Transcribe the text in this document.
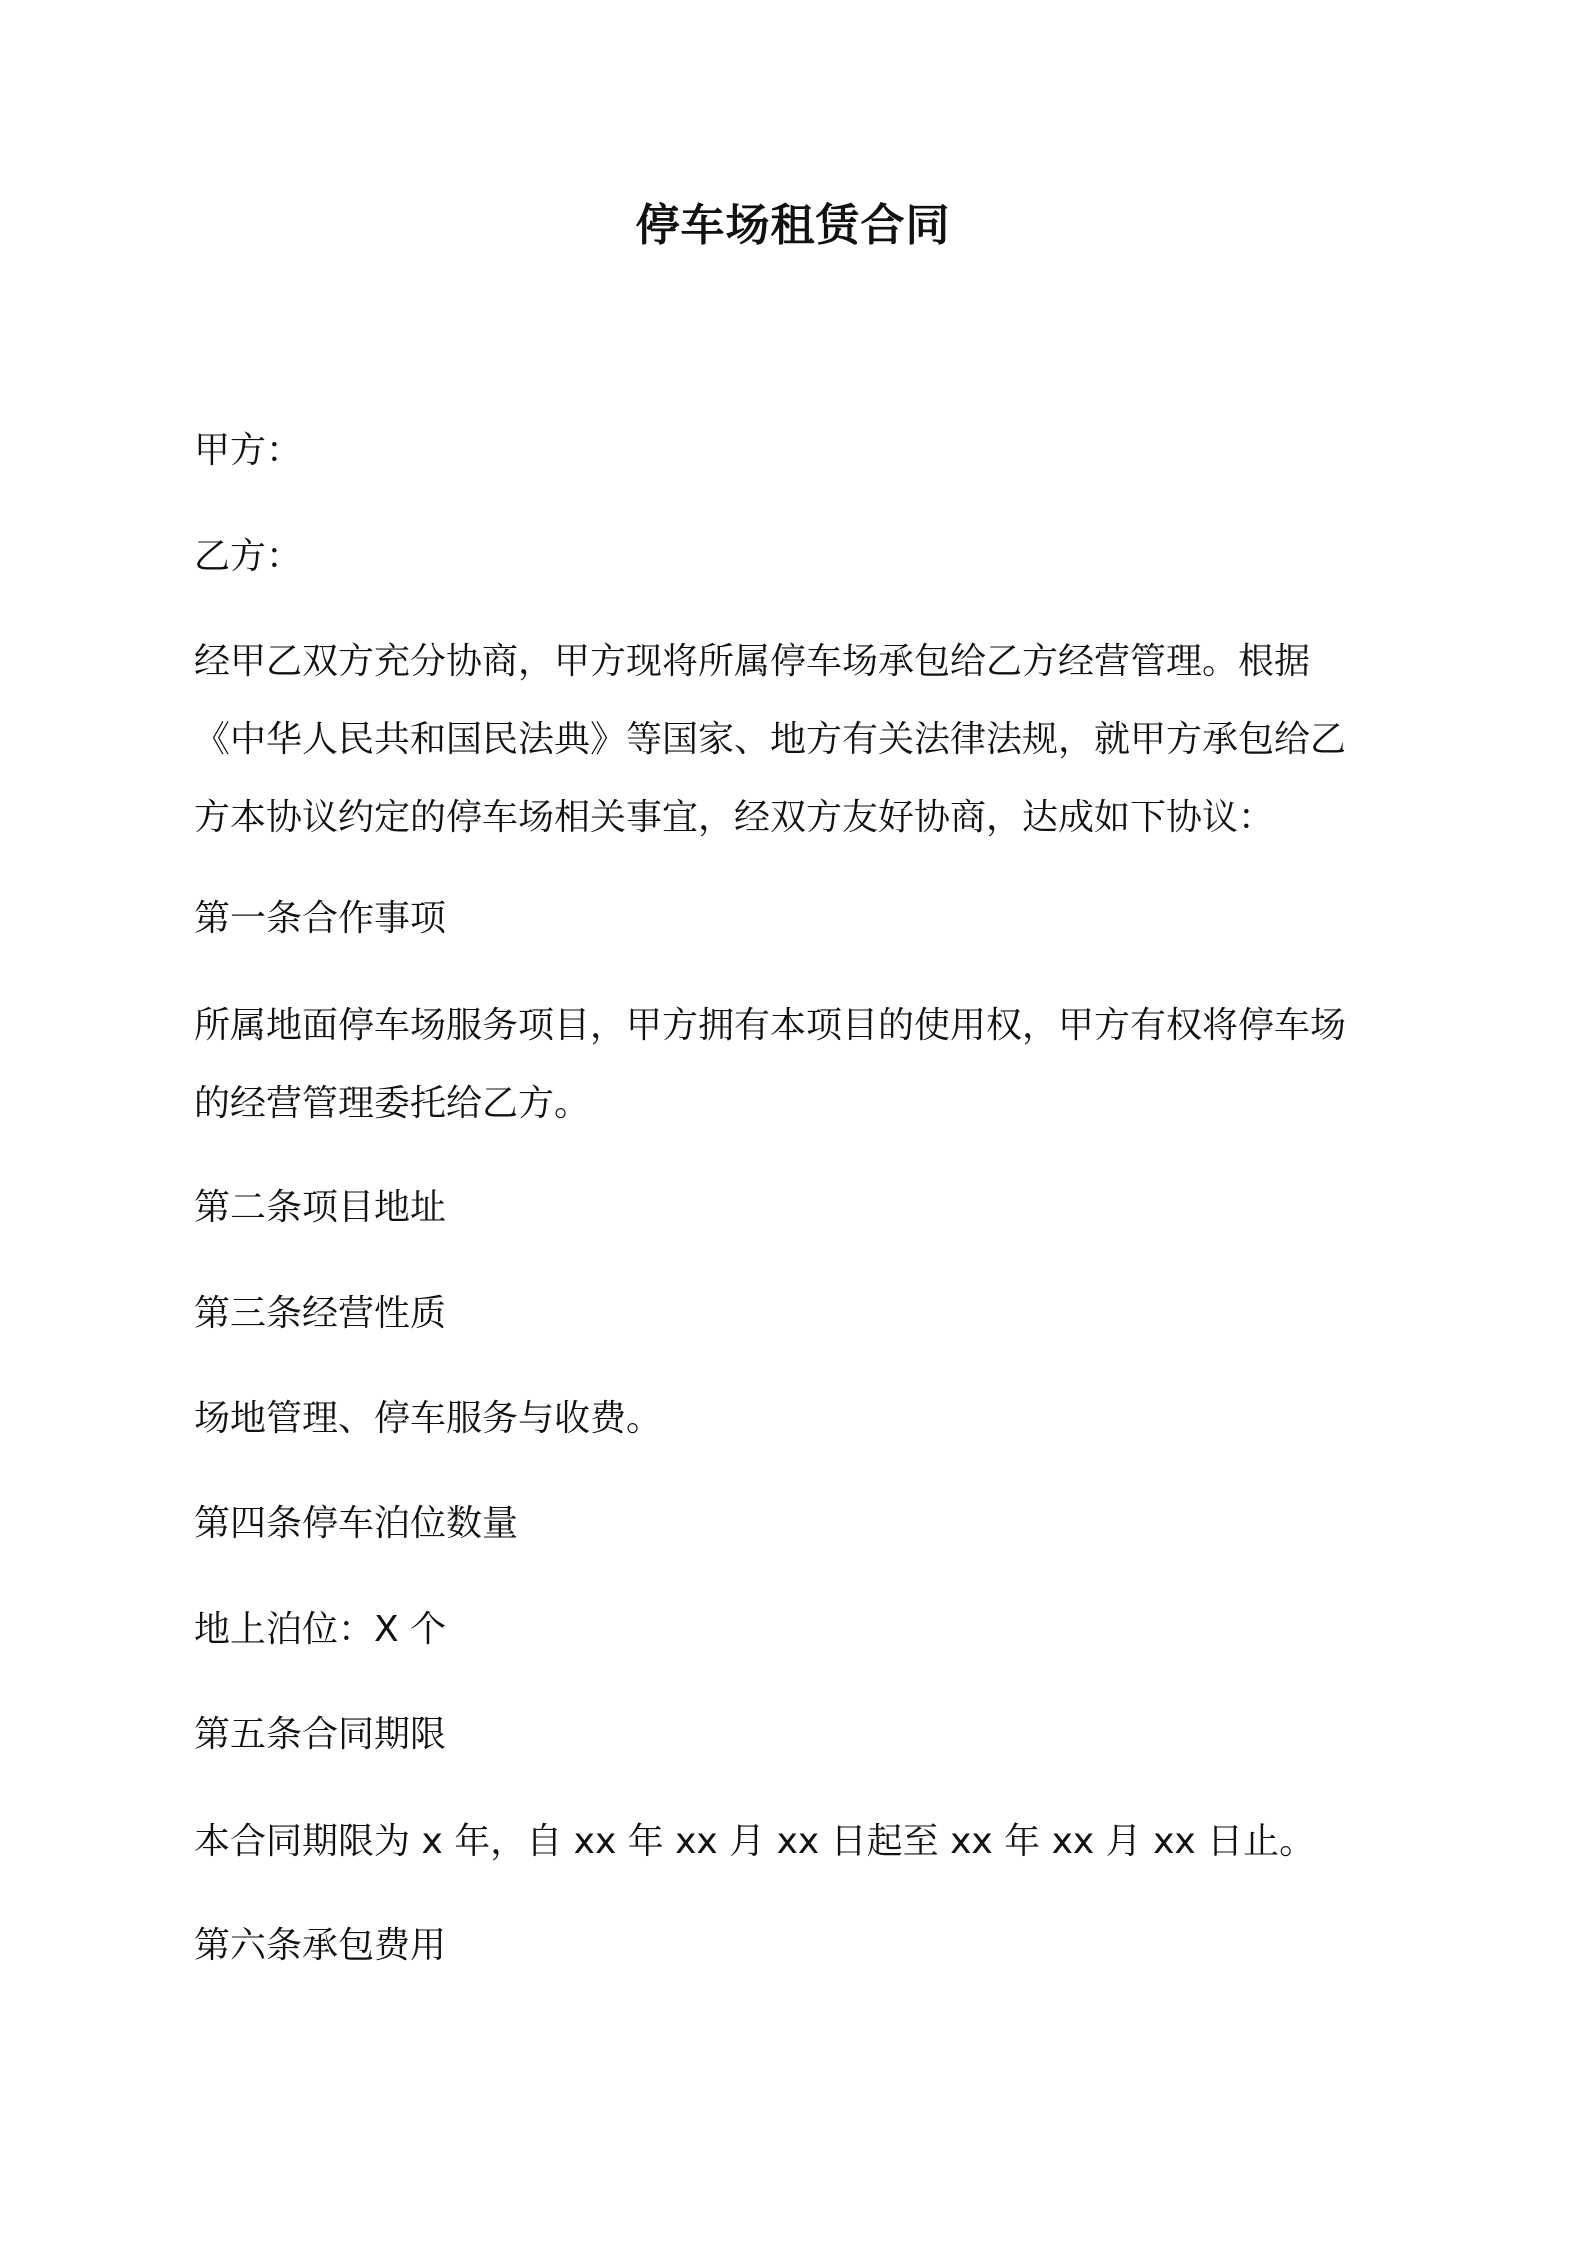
停车场租赁合同

甲方：

乙方：

经甲乙双方充分协商，甲方现将所属停车场承包给乙方经营管理。根据
《中华人民共和国民法典》等国家、地方有关法律法规，就甲方承包给乙
方本协议约定的停车场相关事宜，经双方友好协商，达成如下协议：

第一条合作事项

所属地面停车场服务项目，甲方拥有本项目的使用权，甲方有权将停车场
的经营管理委托给乙方。

第二条项目地址

第三条经营性质

场地管理、停车服务与收费。

第四条停车泊位数量

地上泊位：X 个

第五条合同期限

本合同期限为 x 年，自 xx 年 xx 月 xx 日起至 xx 年 xx 月 xx 日止。

第六条承包费用
